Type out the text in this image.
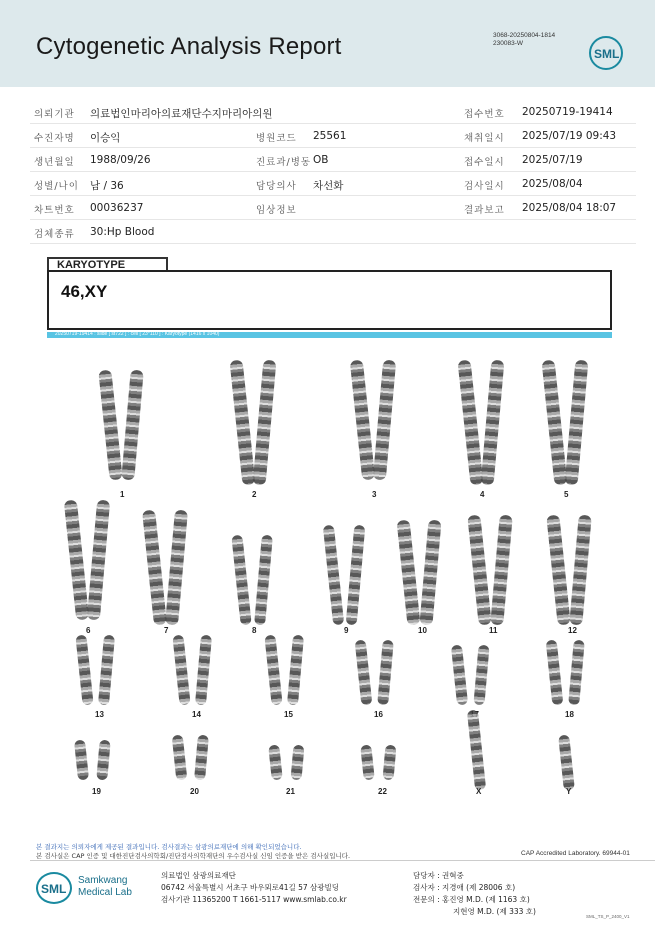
Cytogenetic Analysis Report	3068-20250804-1814
230083-W
SML
의뢰기관 의료법인마리아의료재단수지마리아의원	접수번호 20250719-19414
수진자명 이승익	병원코드 25561	채취일시 2025/07/19 09:43
생년월일 1988/09/26	진료과/병동 OB	접수일시 2025/07/19
성별/나이 남 / 36	담당의사 차선화	검사일시 2025/08/04
차트번호 00036237	임상정보	결과보고 2025/08/04 18:07
검체종류 30:Hp Blood
KARYOTYPE
46,XY
20250719-19414 : slide [ st722 ] : cell [ 23*110 ] : Karyotype (1416 x 1040)
1	2	3	4	5
6	7	8	9	10	11	12
13	14	15	16	18
19	20	21	22	X	Y
본 결과지는 의뢰자에게 제공된 결과입니다. 검사결과는 삼광의료재단에 의해 확인되었습니다.
본 검사실은 CAP 인증 및 대한진단검사의학회/진단검사의학재단의 우수검사실 신임 인증을 받은 검사실입니다.	CAP Accredited Laboratory. 69944-01
SML
Samkwang
Medical Lab
의료법인 삼광의료재단
06742 서울특별시 서초구 바우뫼로41길 57 삼광빌딩
검사기관 11365200 T 1661-5117 www.smlab.co.kr
담당자 : 권혁중
검사자 : 지경애 (제 28006 호)
전문의 : 홍진영 M.D. (제 1163 호)
지현영 M.D. (제 333 호)
SML_TS_P_2400_V1
